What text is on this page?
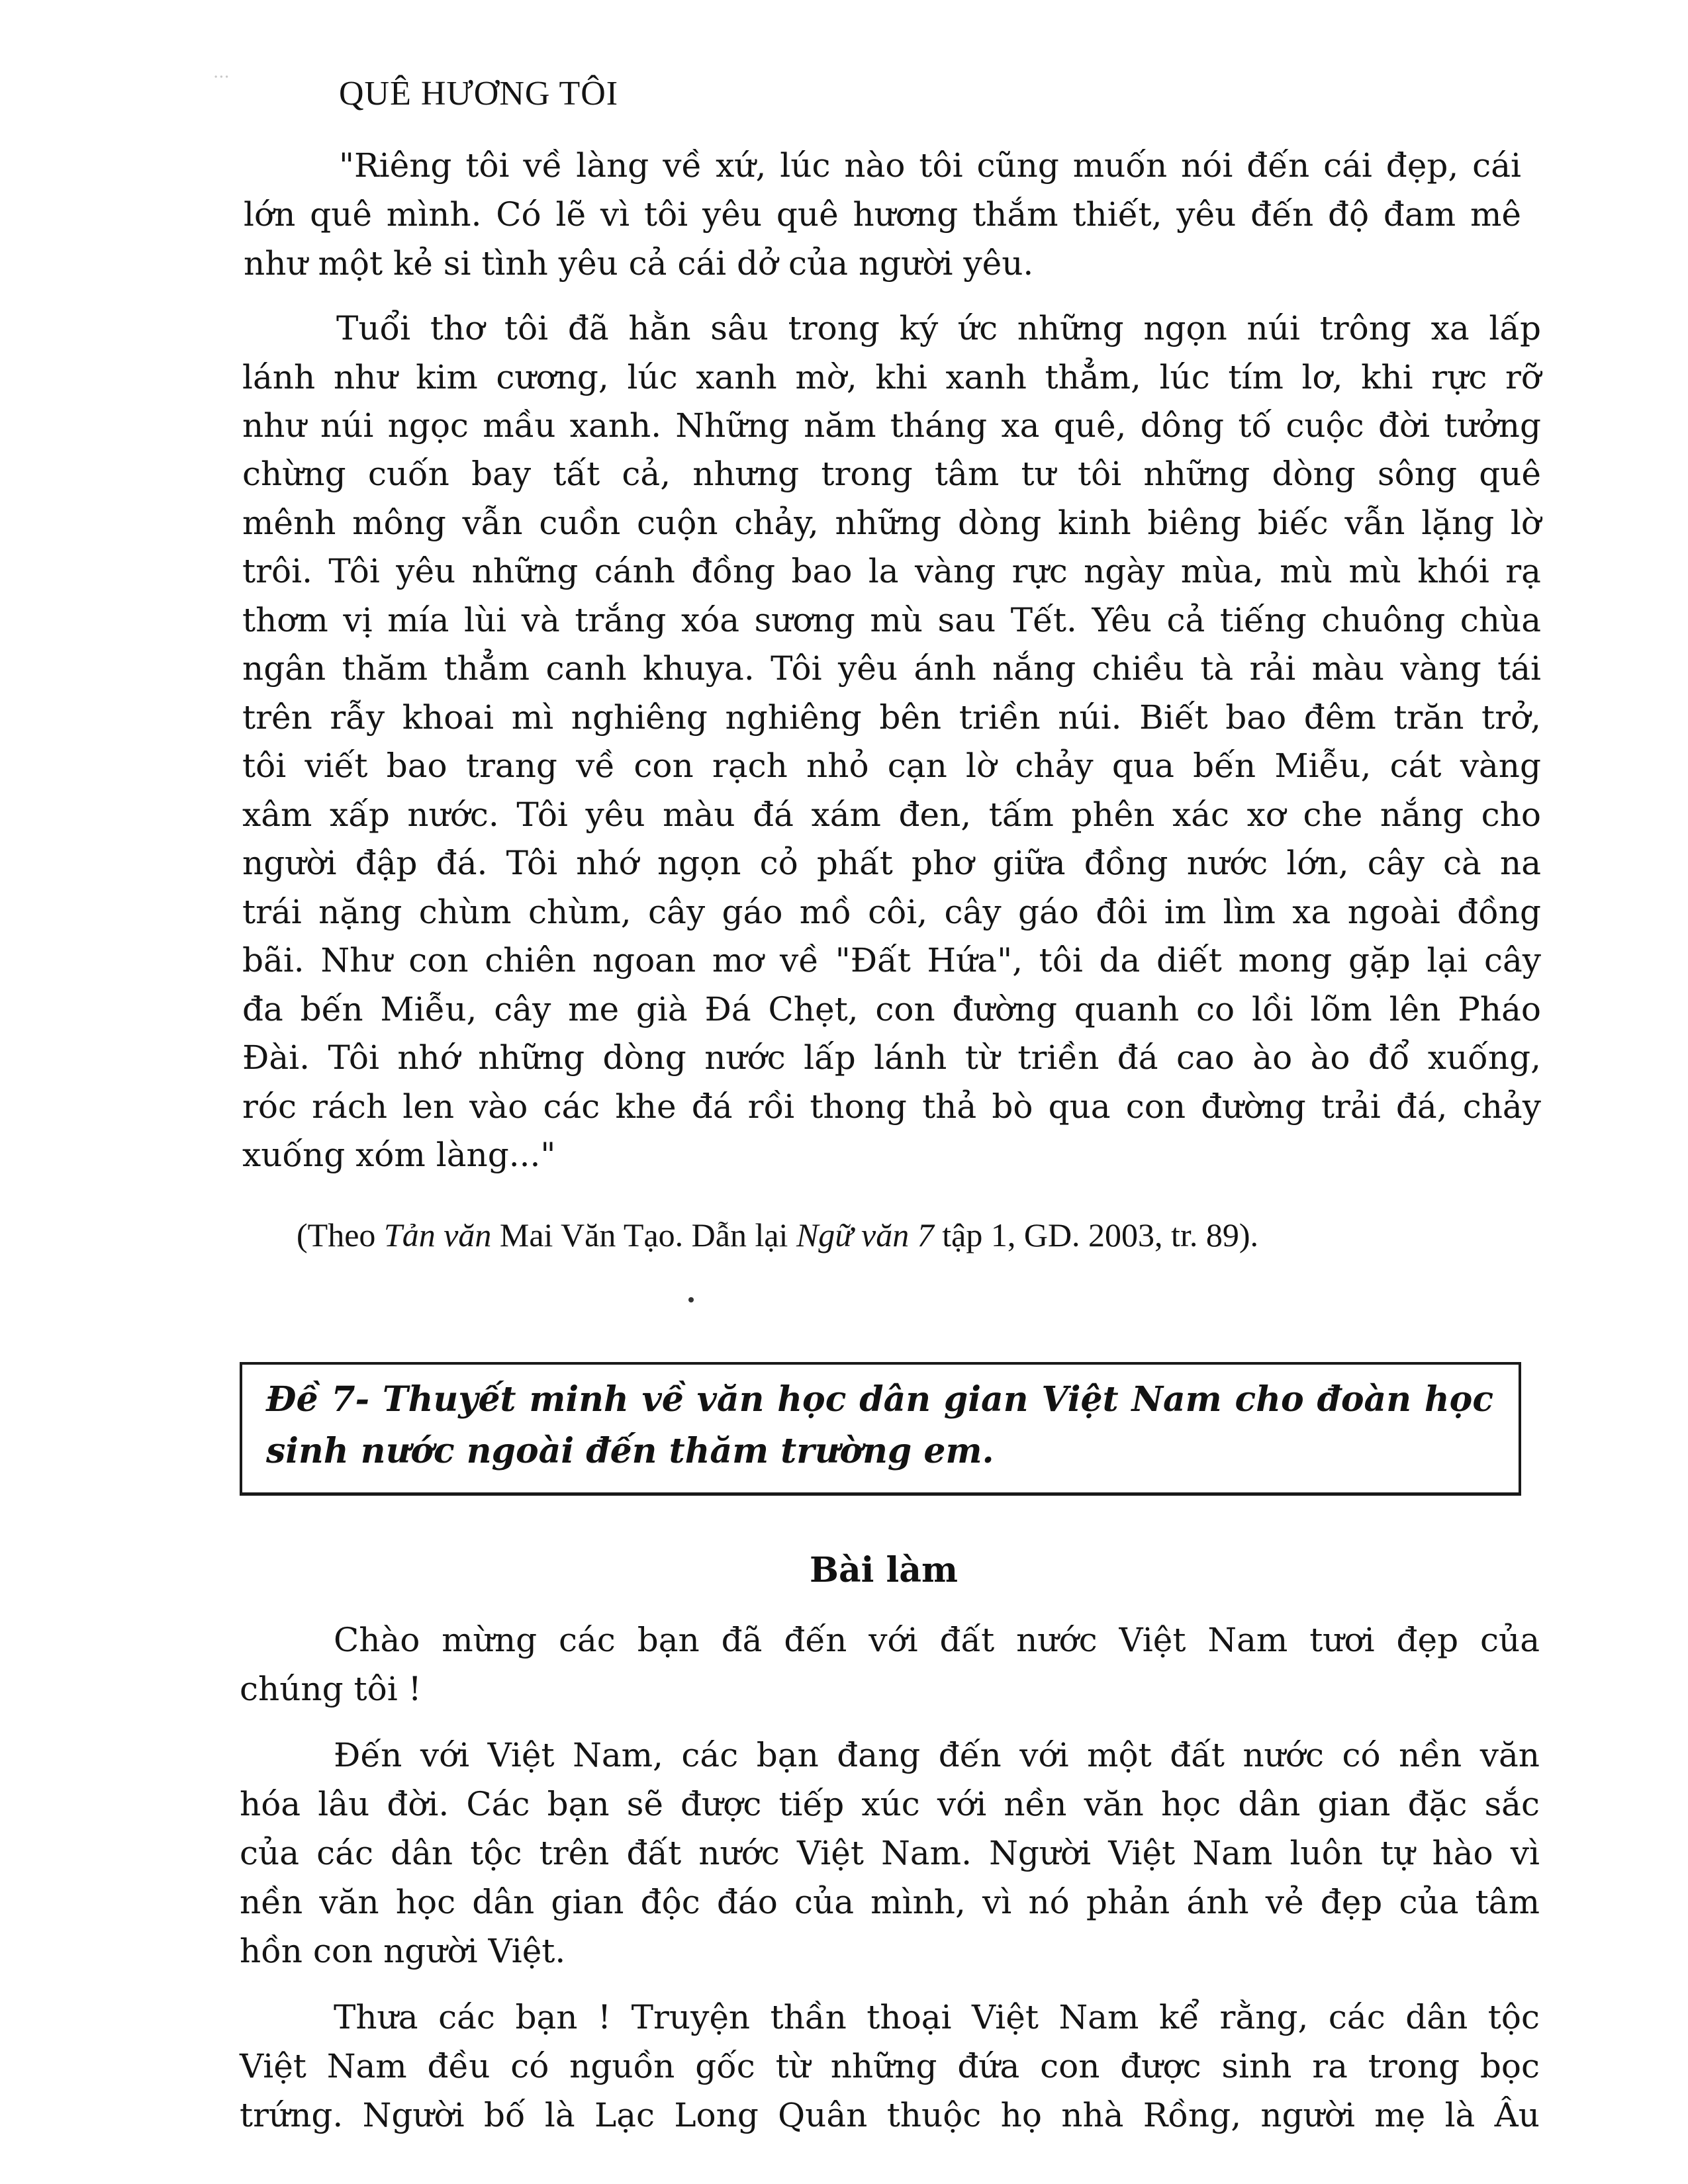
···	QUÊ HƯƠNG TÔI
"Riêng tôi về làng về xứ, lúc nào tôi cũng muốn nói đến cái đẹp, cái
lớn quê mình. Có lẽ vì tôi yêu quê hương thắm thiết, yêu đến độ đam mê
như một kẻ si tình yêu cả cái dở của người yêu.
Tuổi thơ tôi đã hằn sâu trong ký ức những ngọn núi trông xa lấp
lánh như kim cương, lúc xanh mờ, khi xanh thẳm, lúc tím lơ, khi rực rỡ
như núi ngọc mầu xanh. Những năm tháng xa quê, dông tố cuộc đời tưởng
chừng cuốn bay tất cả, nhưng trong tâm tư tôi những dòng sông quê
mênh mông vẫn cuồn cuộn chảy, những dòng kinh biêng biếc vẫn lặng lờ
trôi. Tôi yêu những cánh đồng bao la vàng rực ngày mùa, mù mù khói rạ
thơm vị mía lùi và trắng xóa sương mù sau Tết. Yêu cả tiếng chuông chùa
ngân thăm thẳm canh khuya. Tôi yêu ánh nắng chiều tà rải màu vàng tái
trên rẫy khoai mì nghiêng nghiêng bên triền núi. Biết bao đêm trăn trở,
tôi viết bao trang về con rạch nhỏ cạn lờ chảy qua bến Miễu, cát vàng
xâm xấp nước. Tôi yêu màu đá xám đen, tấm phên xác xơ che nắng cho
người đập đá. Tôi nhớ ngọn cỏ phất phơ giữa đồng nước lớn, cây cà na
trái nặng chùm chùm, cây gáo mồ côi, cây gáo đôi im lìm xa ngoài đồng
bãi. Như con chiên ngoan mơ về "Đất Hứa", tôi da diết mong gặp lại cây
đa bến Miễu, cây me già Đá Chẹt, con đường quanh co lồi lõm lên Pháo
Đài. Tôi nhớ những dòng nước lấp lánh từ triền đá cao ào ào đổ xuống,
róc rách len vào các khe đá rồi thong thả bò qua con đường trải đá, chảy
xuống xóm làng..."
(Theo Tản văn Mai Văn Tạo. Dẫn lại Ngữ văn 7 tập 1, GD. 2003, tr. 89).
Đề 7- Thuyết minh về văn học dân gian Việt Nam cho đoàn học
sinh nước ngoài đến thăm trường em.
Bài làm
Chào mừng các bạn đã đến với đất nước Việt Nam tươi đẹp của
chúng tôi !
Đến với Việt Nam, các bạn đang đến với một đất nước có nền văn
hóa lâu đời. Các bạn sẽ được tiếp xúc với nền văn học dân gian đặc sắc
của các dân tộc trên đất nước Việt Nam. Người Việt Nam luôn tự hào vì
nền văn học dân gian độc đáo của mình, vì nó phản ánh vẻ đẹp của tâm
hồn con người Việt.
Thưa các bạn ! Truyện thần thoại Việt Nam kể rằng, các dân tộc
Việt Nam đều có nguồn gốc từ những đứa con được sinh ra trong bọc
trứng. Người bố là Lạc Long Quân thuộc họ nhà Rồng, người mẹ là Âu
